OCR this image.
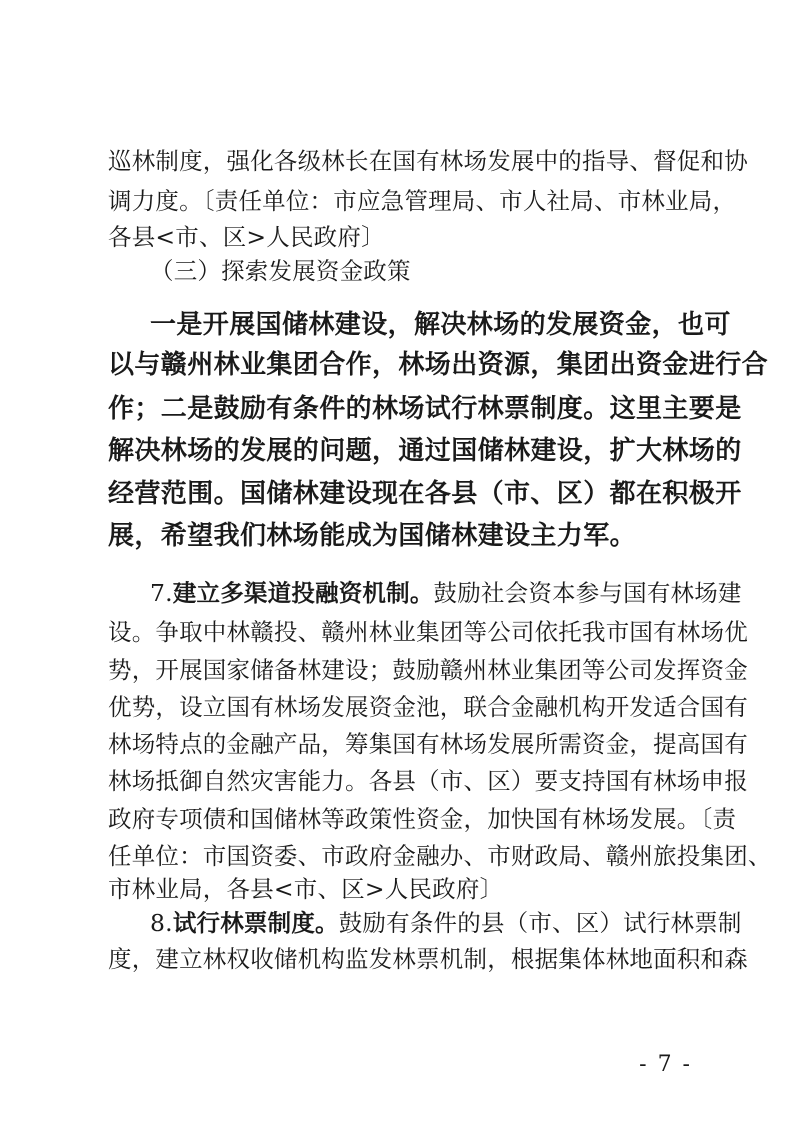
巡林制度，强化各级林长在国有林场发展中的指导、督促和协
调力度。〔责任单位：市应急管理局、市人社局、市林业局，
各县<市、区>人民政府〕
（三）探索发展资金政策
一是开展国储林建设，解决林场的发展资金，也可
以与赣州林业集团合作，林场出资源，集团出资金进行合
作；二是鼓励有条件的林场试行林票制度。这里主要是
解决林场的发展的问题，通过国储林建设，扩大林场的
经营范围。国储林建设现在各县（市、区）都在积极开
展，希望我们林场能成为国储林建设主力军。
7.建立多渠道投融资机制。鼓励社会资本参与国有林场建
设。争取中林赣投、赣州林业集团等公司依托我市国有林场优
势，开展国家储备林建设；鼓励赣州林业集团等公司发挥资金
优势，设立国有林场发展资金池，联合金融机构开发适合国有
林场特点的金融产品，筹集国有林场发展所需资金，提高国有
林场抵御自然灾害能力。各县（市、区）要支持国有林场申报
政府专项债和国储林等政策性资金，加快国有林场发展。〔责
任单位：市国资委、市政府金融办、市财政局、赣州旅投集团、
市林业局，各县<市、区>人民政府〕
8.试行林票制度。鼓励有条件的县（市、区）试行林票制
度，建立林权收储机构监发林票机制，根据集体林地面积和森
- 7 -
